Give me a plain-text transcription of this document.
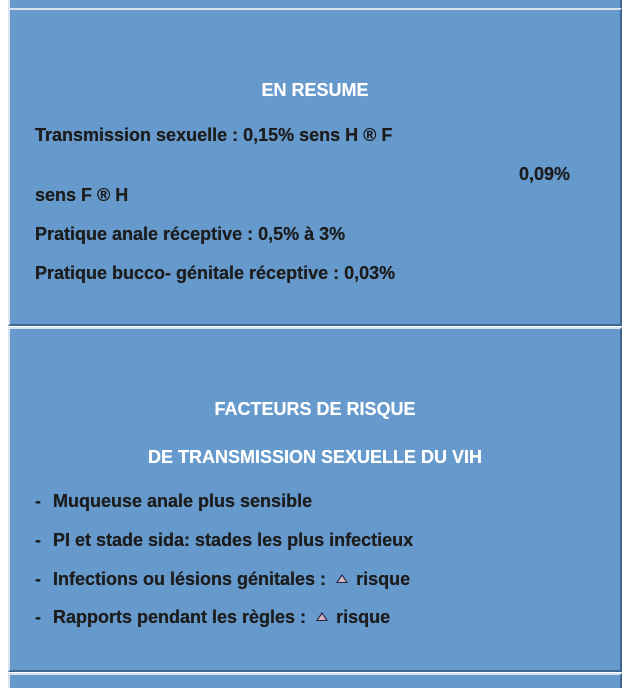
EN RESUME
Transmission sexuelle : 0,15% sens H ® F
0,09%
sens F ® H
Pratique anale réceptive : 0,5% à 3%
Pratique bucco- génitale réceptive : 0,03%
FACTEURS DE RISQUE
DE TRANSMISSION SEXUELLE DU VIH
- Muqueuse anale plus sensible
- PI et stade sida: stades les plus infectieux
- Infections ou lésions génitales : risque
- Rapports pendant les règles : risque
